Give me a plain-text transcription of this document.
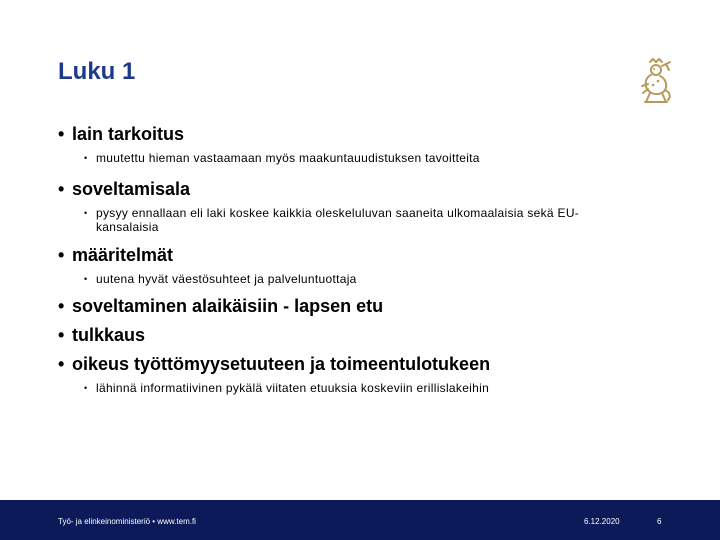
Luku 1
• lain tarkoitus
• muutettu hieman vastaamaan myös maakuntauudistuksen tavoitteita
• soveltamisala
• pysyy ennallaan eli laki koskee kaikkia oleskeluluvan saaneita ulkomaalaisia sekä EU-kansalaisia
• määritelmät
• uutena hyvät väestösuhteet ja palveluntuottaja
• soveltaminen alaikäisiin - lapsen etu
• tulkkaus
• oikeus työttömyysetuuteen ja toimeentulotukeen
• lähinnä informatiivinen pykälä viitaten etuuksia koskeviin erillislakeihin
Työ- ja elinkeinoministeriö • www.tem.fi	6.12.2020	6
